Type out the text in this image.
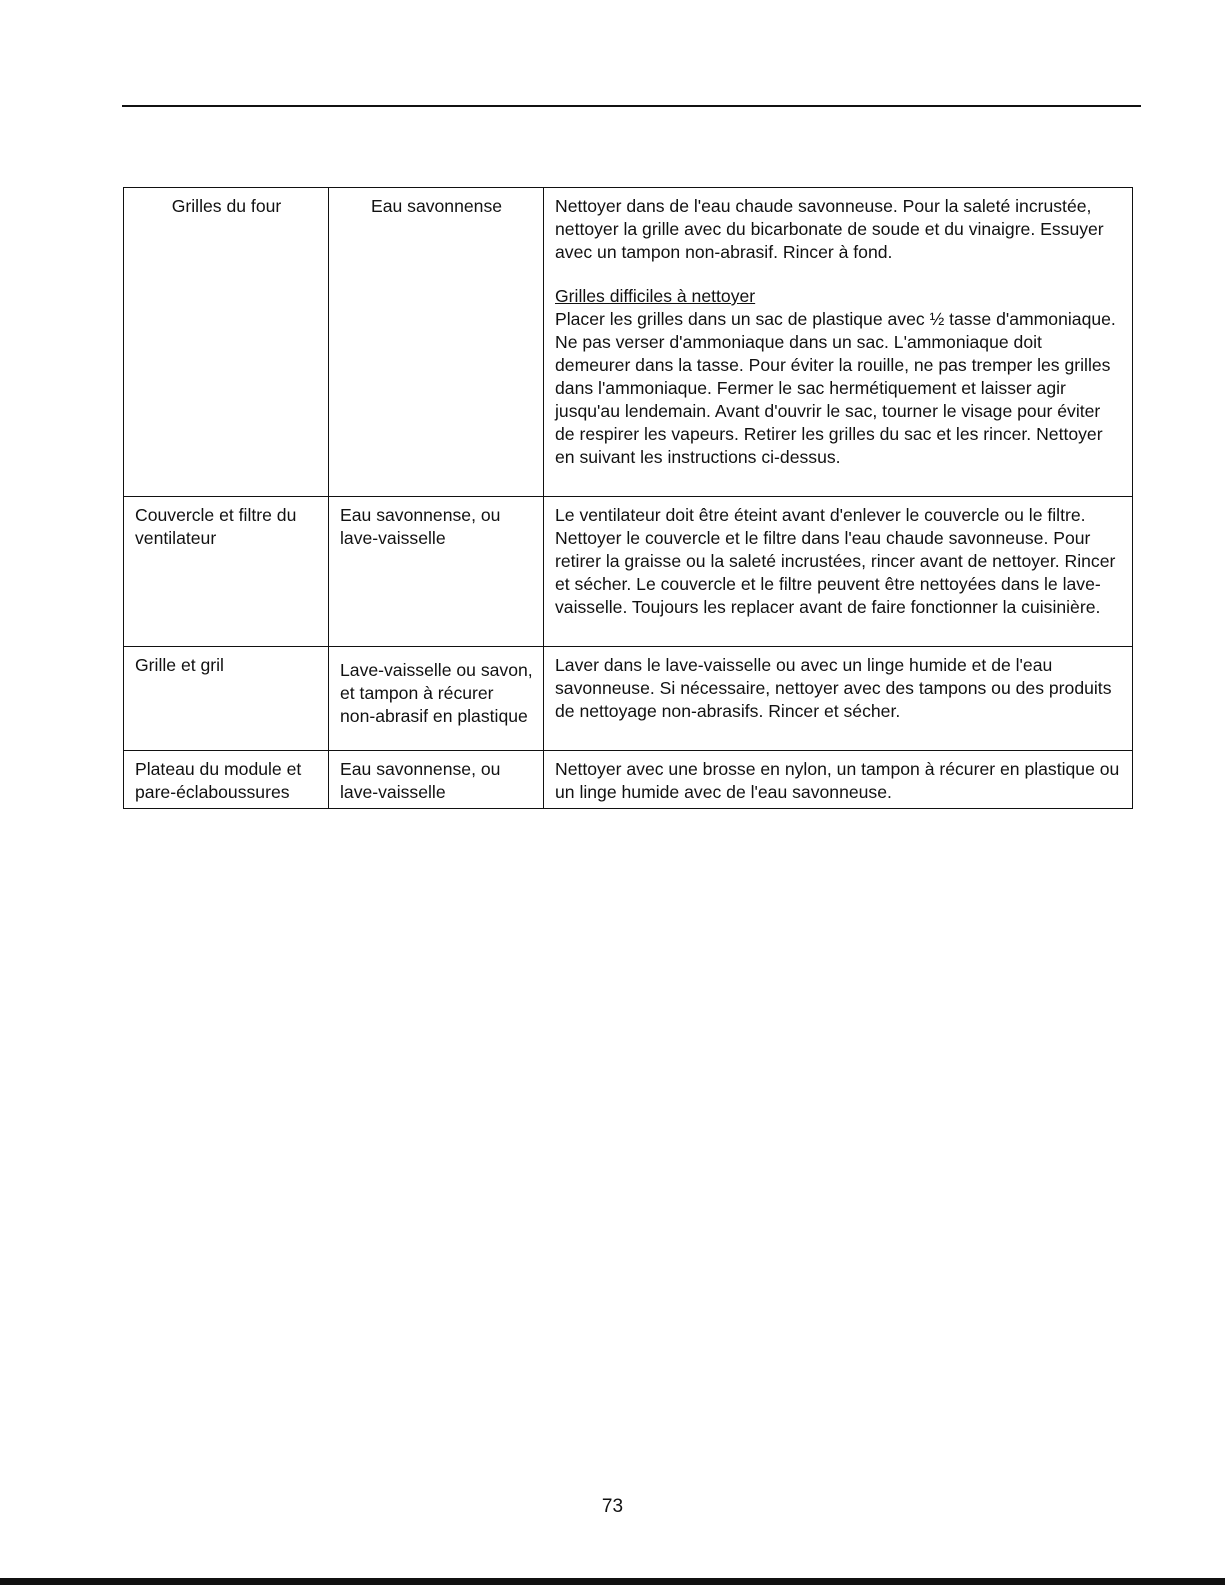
Grilles du four	Eau savonnense	Nettoyer dans de l'eau chaude savonneuse. Pour la saleté incrustée, nettoyer la grille avec du bicarbonate de soude et du vinaigre. Essuyer avec un tampon non-abrasif. Rincer à fond.

Grilles difficiles à nettoyer

Placer les grilles dans un sac de plastique avec ½ tasse d'ammoniaque. Ne pas verser d'ammoniaque dans un sac. L'ammoniaque doit demeurer dans la tasse. Pour éviter la rouille, ne pas tremper les grilles dans l'ammoniaque. Fermer le sac hermétiquement et laisser agir jusqu'au lendemain. Avant d'ouvrir le sac, tourner le visage pour éviter de respirer les vapeurs. Retirer les grilles du sac et les rincer. Nettoyer en suivant les instructions ci-dessus.

Couvercle et filtre du ventilateur	Eau savonnense, ou lave-vaisselle	Le ventilateur doit être éteint avant d'enlever le couvercle ou le filtre. Nettoyer le couvercle et le filtre dans l'eau chaude savonneuse. Pour retirer la graisse ou la saleté incrustées, rincer avant de nettoyer. Rincer et sécher. Le couvercle et le filtre peuvent être nettoyées dans le lave-vaisselle. Toujours les replacer avant de faire fonctionner la cuisinière.

Grille et gril	Lave-vaisselle ou savon, et tampon à récurer non-abrasif en plastique	Laver dans le lave-vaisselle ou avec un linge humide et de l'eau savonneuse. Si nécessaire, nettoyer avec des tampons ou des produits de nettoyage non-abrasifs. Rincer et sécher.

Plateau du module et pare-éclaboussures	Eau savonnense, ou lave-vaisselle	Nettoyer avec une brosse en nylon, un tampon à récurer en plastique ou un linge humide avec de l'eau savonneuse.

73
